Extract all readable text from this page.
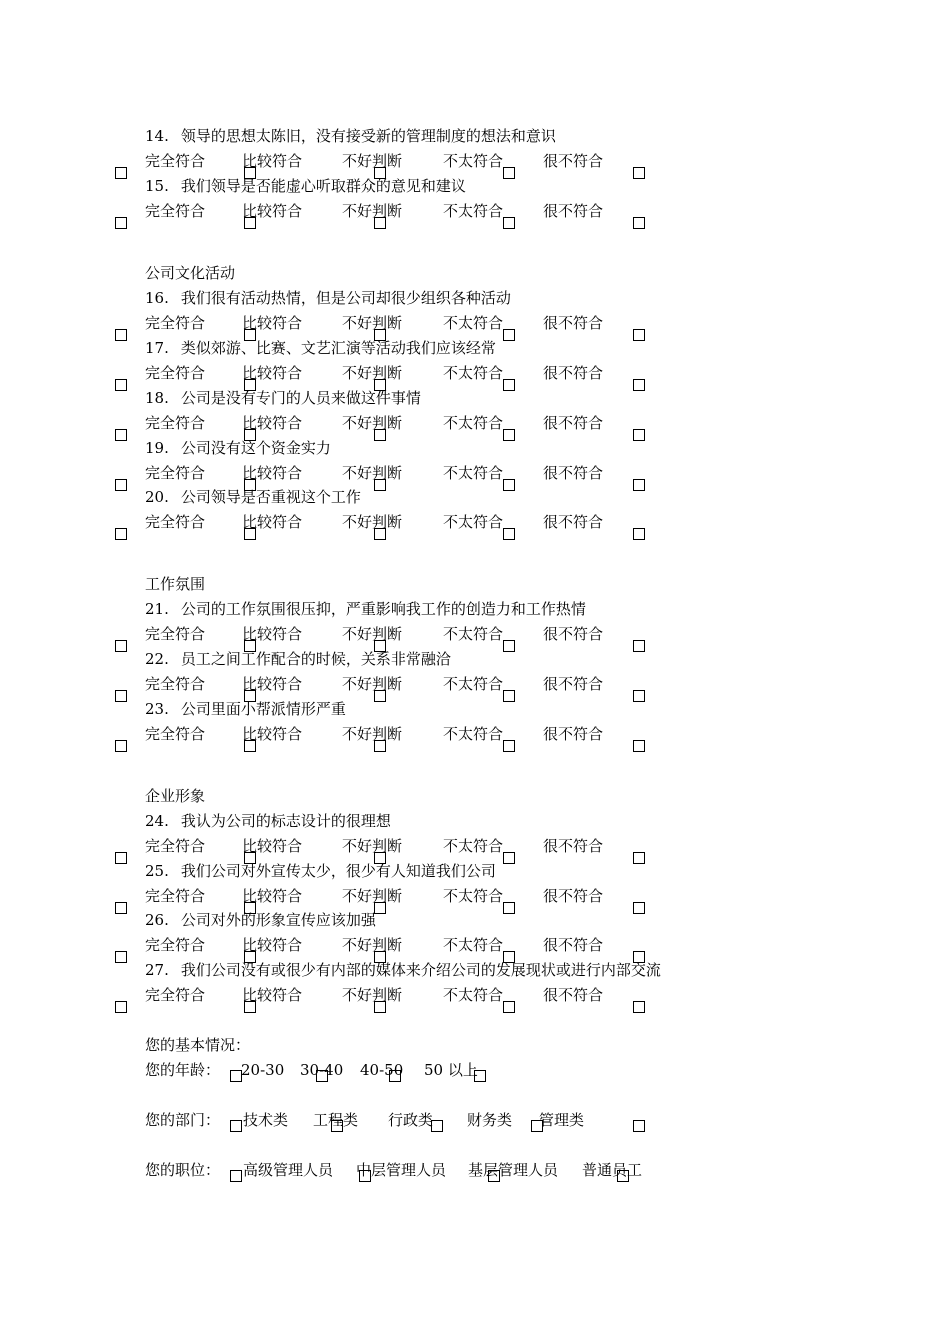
14. 领导的思想太陈旧，没有接受新的管理制度的想法和意识
完全符合 比较符合	不好判断	不太符合	很不符合
15. 我们领导是否能虚心听取群众的意见和建议
完全符合 比较符合	不好判断	不太符合	很不符合
公司文化活动
16. 我们很有活动热情，但是公司却很少组织各种活动
完全符合 比较符合	不好判断	不太符合	很不符合
17. 类似郊游、比赛、文艺汇演等活动我们应该经常
完全符合 比较符合	不好判断	不太符合	很不符合
18. 公司是没有专门的人员来做这件事情
完全符合 比较符合	不好判断	不太符合	很不符合
19. 公司没有这个资金实力
完全符合 比较符合	不好判断	不太符合	很不符合
20. 公司领导是否重视这个工作
完全符合 比较符合	不好判断	不太符合	很不符合
工作氛围
21. 公司的工作氛围很压抑，严重影响我工作的创造力和工作热情
完全符合 比较符合	不好判断	不太符合	很不符合
22. 员工之间工作配合的时候，关系非常融洽
完全符合 比较符合	不好判断	不太符合	很不符合
23. 公司里面小帮派情形严重
完全符合 比较符合	不好判断	不太符合	很不符合
企业形象
24. 我认为公司的标志设计的很理想
完全符合 比较符合	不好判断	不太符合	很不符合
25. 我们公司对外宣传太少，很少有人知道我们公司
完全符合 比较符合	不好判断	不太符合	很不符合
26. 公司对外的形象宣传应该加强
完全符合 比较符合	不好判断	不太符合	很不符合
27. 我们公司没有或很少有内部的媒体来介绍公司的发展现状或进行内部交流
完全符合 比较符合	不好判断	不太符合	很不符合
您的基本情况：
您的年龄： 20-30 30-40 40-50 50 以上
您的部门： 技术类 工程类 行政类 财务类 管理类
您的职位： 高级管理人员 中层管理人员 基层管理人员 普通员工
